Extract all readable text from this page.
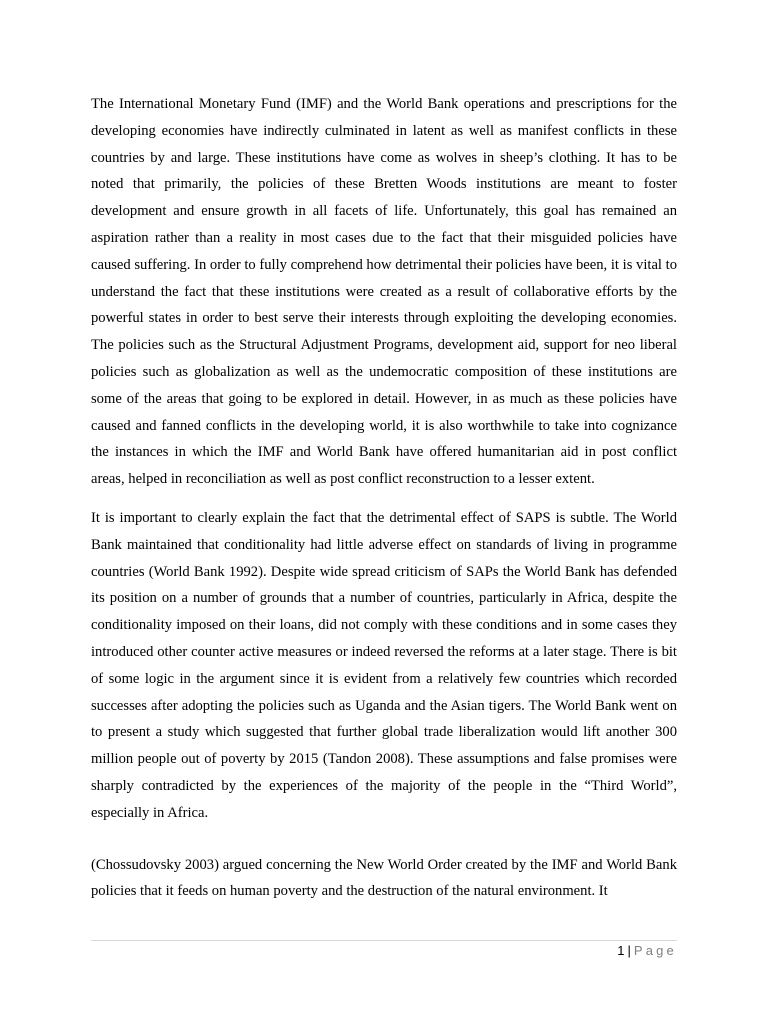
The International Monetary Fund (IMF) and the World Bank operations and prescriptions for the developing economies have indirectly culminated in latent as well as manifest conflicts in these countries by and large. These institutions have come as wolves in sheep’s clothing. It has to be noted that primarily, the policies of these Bretten Woods institutions are meant to foster development and ensure growth in all facets of life. Unfortunately, this goal has remained an aspiration rather than a reality in most cases due to the fact that their misguided policies have caused suffering. In order to fully comprehend how detrimental their policies have been, it is vital to understand the fact that these institutions were created as a result of collaborative efforts by the powerful states in order to best serve their interests through exploiting the developing economies. The policies such as the Structural Adjustment Programs, development aid, support for neo liberal policies such as globalization as well as the undemocratic composition of these institutions are some of the areas that going to be explored in detail. However, in as much as these policies have caused and fanned conflicts in the developing world, it is also worthwhile to take into cognizance the instances in which the IMF and World Bank have offered humanitarian aid in post conflict areas, helped in reconciliation as well as post conflict reconstruction to a lesser extent.

It is important to clearly explain the fact that the detrimental effect of SAPS is subtle. The World Bank maintained that conditionality had little adverse effect on standards of living in programme countries (World Bank 1992). Despite wide spread criticism of SAPs the World Bank has defended its position on a number of grounds that a number of countries, particularly in Africa, despite the conditionality imposed on their loans, did not comply with these conditions and in some cases they introduced other counter active measures or indeed reversed the reforms at a later stage. There is bit of some logic in the argument since it is evident from a relatively few countries which recorded successes after adopting the policies such as Uganda and the Asian tigers. The World Bank went on to present a study which suggested that further global trade liberalization would lift another 300 million people out of poverty by 2015 (Tandon 2008). These assumptions and false promises were sharply contradicted by the experiences of the majority of the people in the “Third World”, especially in Africa.

(Chossudovsky 2003) argued concerning the New World Order created by the IMF and World Bank policies that it feeds on human poverty and the destruction of the natural environment. It

1 | Page
